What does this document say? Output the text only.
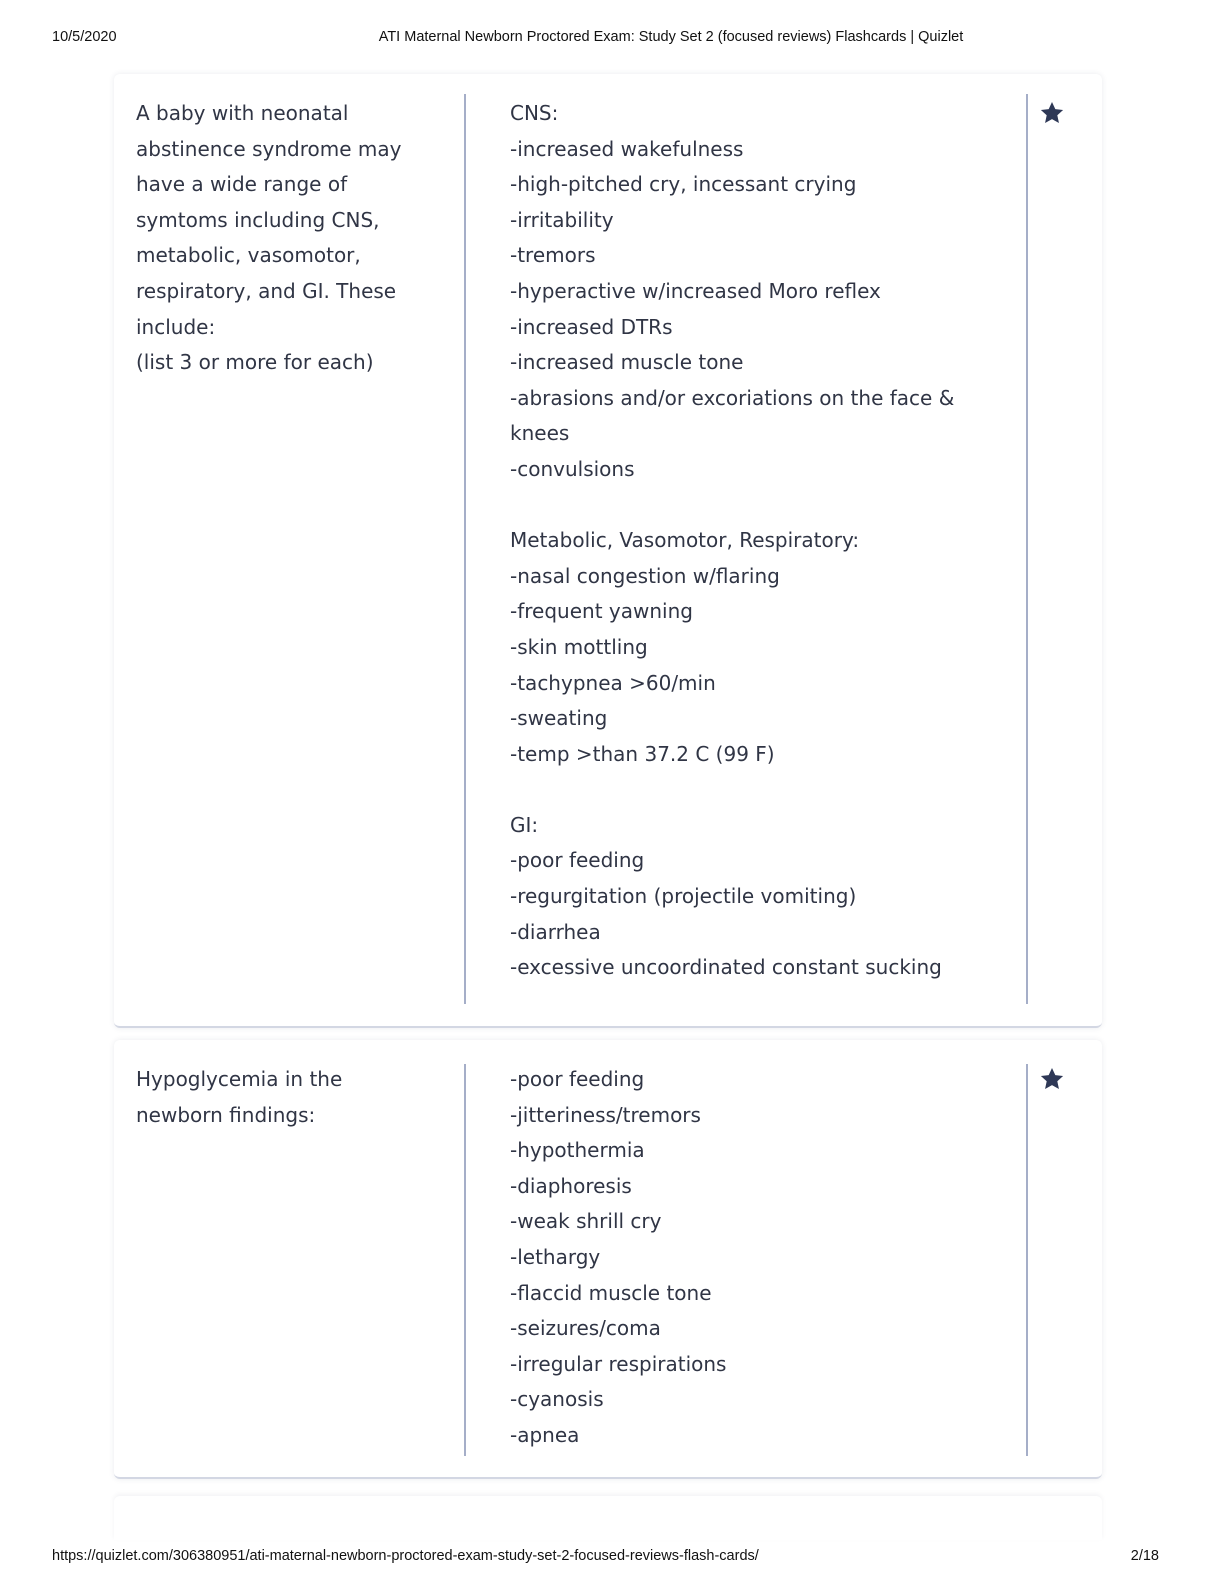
10/5/2020	ATI Maternal Newborn Proctored Exam: Study Set 2 (focused reviews) Flashcards | Quizlet
A baby with neonatal
abstinence syndrome may
have a wide range of
symtoms including CNS,
metabolic, vasomotor,
respiratory, and GI. These
include:
(list 3 or more for each)
CNS:
-increased wakefulness
-high-pitched cry, incessant crying
-irritability
-tremors
-hyperactive w/increased Moro reflex
-increased DTRs
-increased muscle tone
-abrasions and/or excoriations on the face &
knees
-convulsions

Metabolic, Vasomotor, Respiratory:
-nasal congestion w/flaring
-frequent yawning
-skin mottling
-tachypnea >60/min
-sweating
-temp >than 37.2 C (99 F)

GI:
-poor feeding
-regurgitation (projectile vomiting)
-diarrhea
-excessive uncoordinated constant sucking
Hypoglycemia in the
newborn findings:
-poor feeding
-jitteriness/tremors
-hypothermia
-diaphoresis
-weak shrill cry
-lethargy
-flaccid muscle tone
-seizures/coma
-irregular respirations
-cyanosis
-apnea
https://quizlet.com/306380951/ati-maternal-newborn-proctored-exam-study-set-2-focused-reviews-flash-cards/	2/18
